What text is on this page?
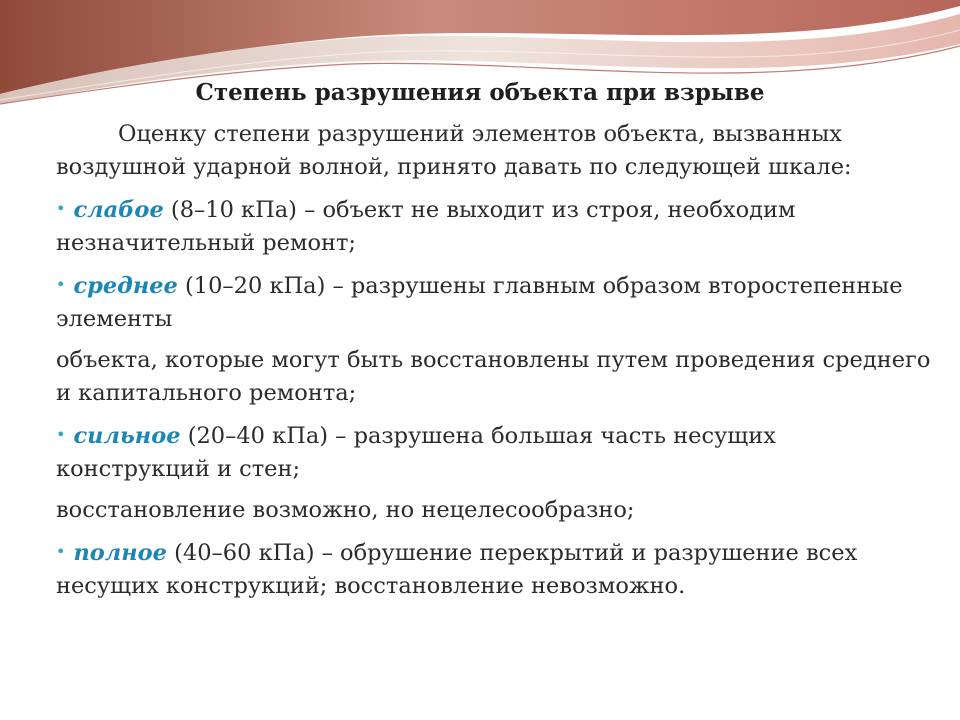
Степень разрушения объекта при взрыве

Оценку степени разрушений элементов объекта, вызванных воздушной ударной волной, принято давать по следующей шкале:

• слабое (8–10 кПа) – объект не выходит из строя, необходим незначительный ремонт;

• среднее (10–20 кПа) – разрушены главным образом второстепенные элементы

объекта, которые могут быть восстановлены путем проведения среднего и капитального ремонта;

• сильное (20–40 кПа) – разрушена большая часть несущих конструкций и стен;

восстановление возможно, но нецелесообразно;

• полное (40–60 кПа) – обрушение перекрытий и разрушение всех несущих конструкций; восстановление невозможно.
